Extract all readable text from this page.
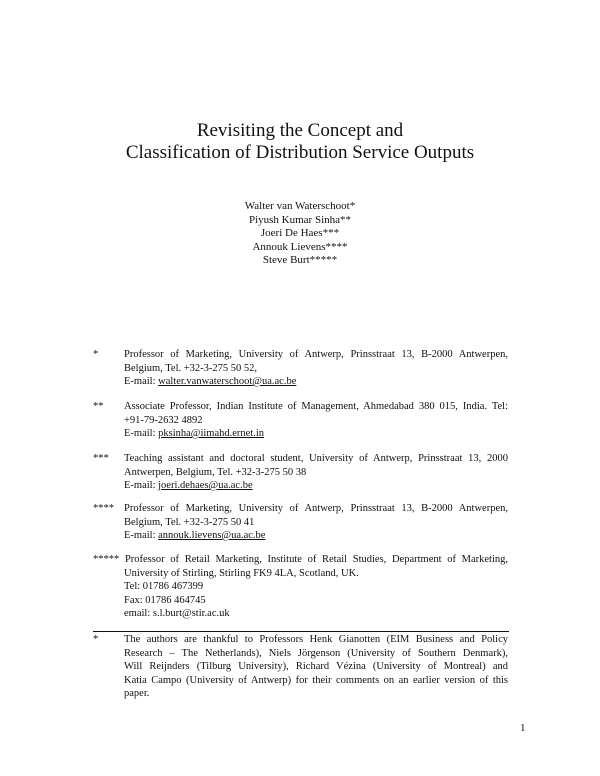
Revisiting the Concept and
Classification of Distribution Service Outputs
Walter van Waterschoot*
Piyush Kumar Sinha**
Joeri De Haes***
Annouk Lievens****
Steve Burt*****
* Professor of Marketing, University of Antwerp, Prinsstraat 13, B-2000 Antwerpen,
Belgium, Tel. +32-3-275 50 52,
E-mail: walter.vanwaterschoot@ua.ac.be
** Associate Professor, Indian Institute of Management, Ahmedabad 380 015, India. Tel:
+91-79-2632 4892
E-mail: pksinha@iimahd.ernet.in
*** Teaching assistant and doctoral student, University of Antwerp, Prinsstraat 13, 2000
Antwerpen, Belgium, Tel. +32-3-275 50 38
E-mail: joeri.dehaes@ua.ac.be
**** Professor of Marketing, University of Antwerp, Prinsstraat 13, B-2000 Antwerpen,
Belgium, Tel. +32-3-275 50 41
E-mail: annouk.lievens@ua.ac.be
***** Professor of Retail Marketing, Institute of Retail Studies, Department of Marketing,
University of Stirling, Stirling FK9 4LA, Scotland, UK.
Tel: 01786 467399
Fax: 01786 464745
email: s.l.burt@stir.ac.uk
* The authors are thankful to Professors Henk Gianotten (EIM Business and Policy
Research – The Netherlands), Niels Jörgenson (University of Southern Denmark),
Will Reijnders (Tilburg University), Richard Vézina (University of Montreal) and
Katia Campo (University of Antwerp) for their comments on an earlier version of this
paper.
1
